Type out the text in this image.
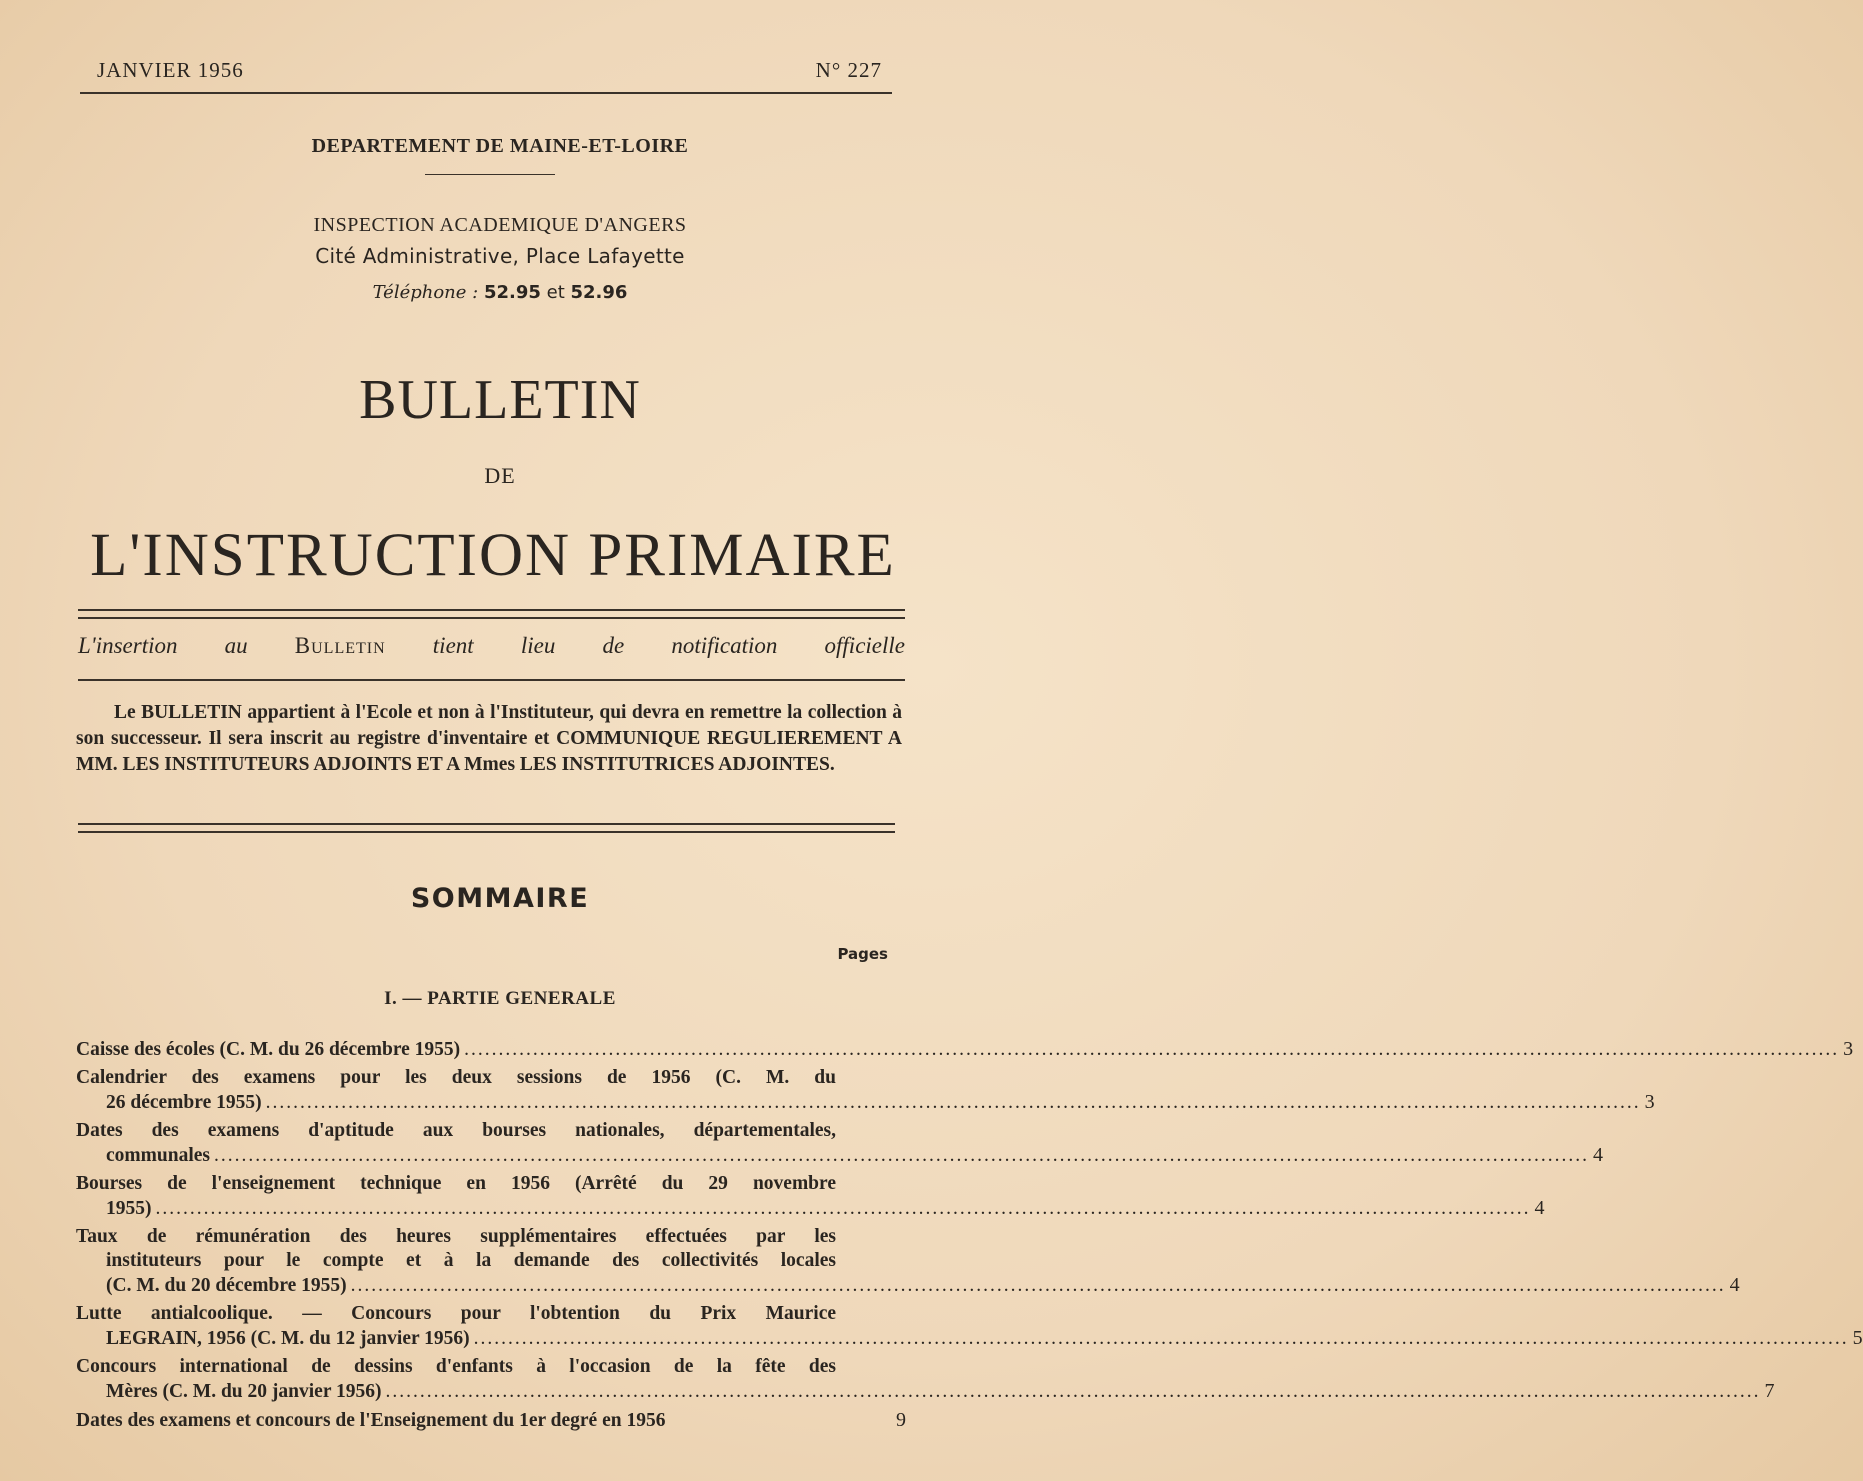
JANVIER 1956	N° 227
DEPARTEMENT DE MAINE-ET-LOIRE
INSPECTION ACADEMIQUE D'ANGERS
Cité Administrative, Place Lafayette
Téléphone : 52.95 et 52.96
BULLETIN
DE
L'INSTRUCTION PRIMAIRE
L'insertion au Bulletin tient lieu de notification officielle

Le BULLETIN appartient à l'Ecole et non à l'Instituteur, qui devra en remettre la collection à son successeur. Il sera inscrit au registre d'inventaire et COMMUNIQUE REGULIEREMENT A MM. LES INSTITUTEURS ADJOINTS ET A Mmes LES INSTITUTRICES ADJOINTES.

SOMMAIRE
Pages
I. — PARTIE GENERALE
Caisse des écoles (C. M. du 26 décembre 1955) ........................................................................................................................................................................................................ 3
Calendrier des examens pour les deux sessions de 1956 (C. M. du
26 décembre 1955) ........................................................................................................................................................................................................ 3
Dates des examens d'aptitude aux bourses nationales, départementales,
communales ........................................................................................................................................................................................................ 4
Bourses de l'enseignement technique en 1956 (Arrêté du 29 novembre
1955) ........................................................................................................................................................................................................ 4
Taux de rémunération des heures supplémentaires effectuées par les
instituteurs pour le compte et à la demande des collectivités locales
(C. M. du 20 décembre 1955) ........................................................................................................................................................................................................ 4
Lutte antialcoolique. — Concours pour l'obtention du Prix Maurice
LEGRAIN, 1956 (C. M. du 12 janvier 1956) ........................................................................................................................................................................................................ 5
Concours international de dessins d'enfants à l'occasion de la fête des
Mères (C. M. du 20 janvier 1956) ........................................................................................................................................................................................................ 7
Dates des examens et concours de l'Enseignement du 1er degré en 1956	9
